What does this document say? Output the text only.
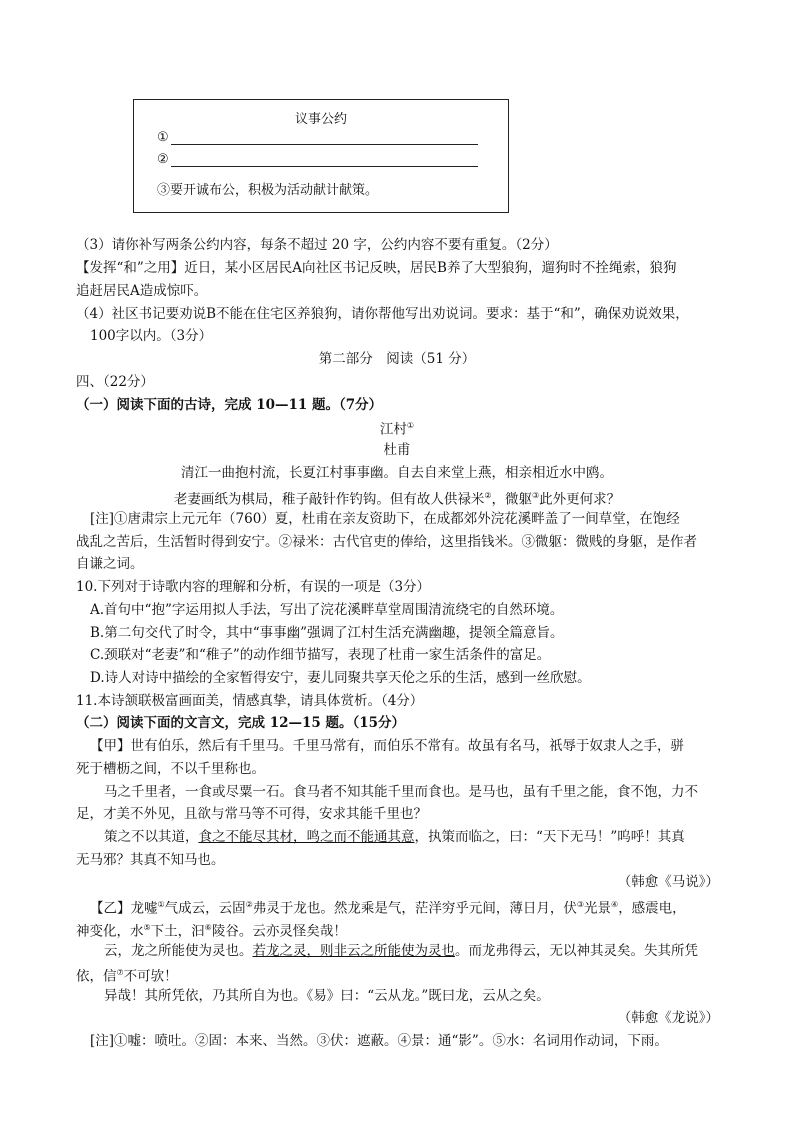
议事公约
①
②
③要开诚布公，积极为活动献计献策。
（3）请你补写两条公约内容，每条不超过 20 字，公约内容不要有重复。（2分）
【发挥“和”之用】近日，某小区居民A向社区书记反映，居民B养了大型狼狗，遛狗时不拴绳索，狼狗
追赶居民A造成惊吓。
（4）社区书记要劝说B不能在住宅区养狼狗，请你帮他写出劝说词。要求：基于“和”，确保劝说效果，
100字以内。（3分）
第二部分　阅读（51 分）
四、（22分）
（一）阅读下面的古诗，完成 10—11 题。（7分）
江村①
杜甫
清江一曲抱村流，长夏江村事事幽。自去自来堂上燕，相亲相近水中鸥。
老妻画纸为棋局，稚子敲针作钓钩。但有故人供禄米②，微躯③此外更何求？
[注]①唐肃宗上元元年（760）夏，杜甫在亲友资助下，在成都郊外浣花溪畔盖了一间草堂，在饱经
战乱之苦后，生活暂时得到安宁。②禄米：古代官吏的俸给，这里指钱米。③微躯：微贱的身躯，是作者
自谦之词。
10.下列对于诗歌内容的理解和分析，有误的一项是（3分）
A.首句中“抱”字运用拟人手法，写出了浣花溪畔草堂周围清流绕宅的自然环境。
B.第二句交代了时令，其中“事事幽”强调了江村生活充满幽趣，提领全篇意旨。
C.颈联对“老妻”和“稚子”的动作细节描写，表现了杜甫一家生活条件的富足。
D.诗人对诗中描绘的全家暂得安宁，妻儿同聚共享天伦之乐的生活，感到一丝欣慰。
11.本诗颔联极富画面美，情感真挚，请具体赏析。（4分）
（二）阅读下面的文言文，完成 12—15 题。（15分）
【甲】世有伯乐，然后有千里马。千里马常有，而伯乐不常有。故虽有名马，祇辱于奴隶人之手，骈
死于槽枥之间，不以千里称也。
马之千里者，一食或尽粟一石。食马者不知其能千里而食也。是马也，虽有千里之能，食不饱，力不
足，才美不外见，且欲与常马等不可得，安求其能千里也？
策之不以其道，食之不能尽其材，鸣之而不能通其意，执策而临之，曰：“天下无马！”呜呼！其真
无马邪？其真不知马也。
（韩愈《马说》）
【乙】龙嘘①气成云，云固②弗灵于龙也。然龙乘是气，茫洋穷乎元间，薄日月，伏③光景④，感震电，
神变化，水⑤下土，汩⑥陵谷。云亦灵怪矣哉！
云，龙之所能使为灵也。若龙之灵，则非云之所能使为灵也。而龙弗得云，无以神其灵矣。失其所凭
依，信⑦不可欤！
异哉！其所凭依，乃其所自为也。《易》曰：“云从龙。”既曰龙，云从之矣。
（韩愈《龙说》）
[注]①嘘：喷吐。②固：本来、当然。③伏：遮蔽。④景：通“影”。⑤水：名词用作动词，下雨。
